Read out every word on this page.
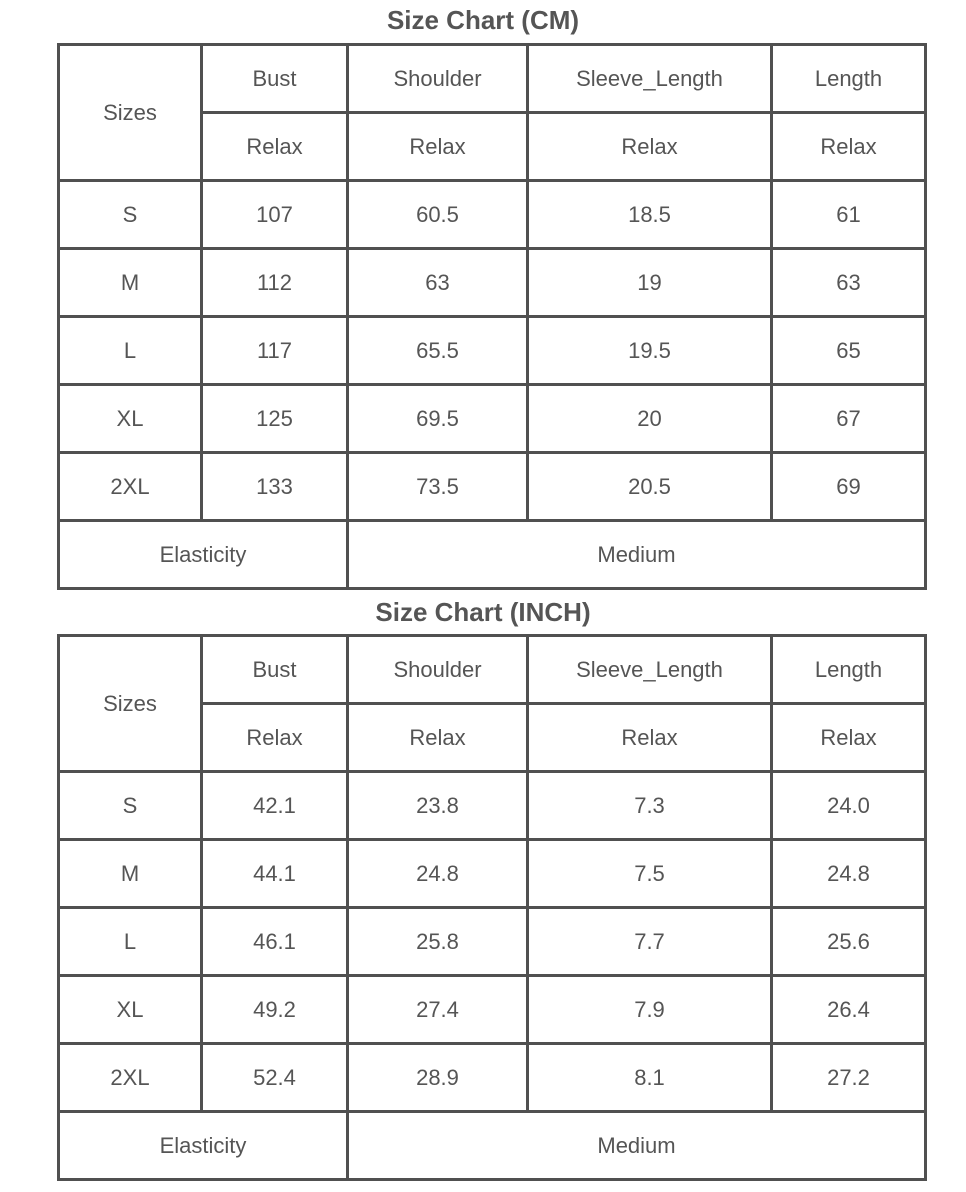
Size Chart (CM)
Sizes	Bust	Shoulder	Sleeve_Length	Length
	Relax	Relax	Relax	Relax
S	107	60.5	18.5	61
M	112	63	19	63
L	117	65.5	19.5	65
XL	125	69.5	20	67
2XL	133	73.5	20.5	69
Elasticity		Medium		
Size Chart (INCH)
Sizes	Bust	Shoulder	Sleeve_Length	Length
	Relax	Relax	Relax	Relax
S	42.1	23.8	7.3	24.0
M	44.1	24.8	7.5	24.8
L	46.1	25.8	7.7	25.6
XL	49.2	27.4	7.9	26.4
2XL	52.4	28.9	8.1	27.2
Elasticity		Medium		
